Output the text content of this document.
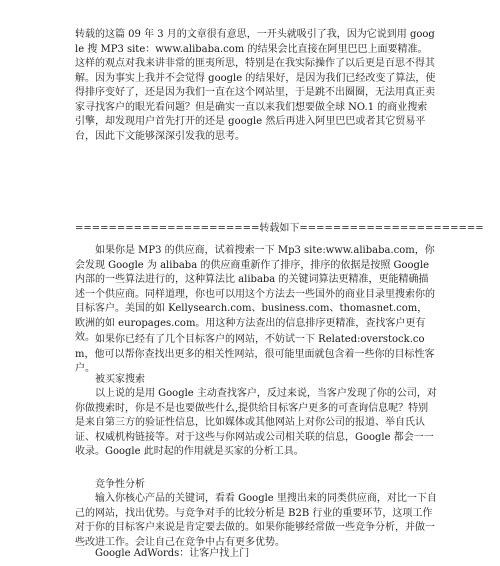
转载的这篇 09 年 3 月的文章很有意思，一开头就吸引了我，因为它说到用 google 搜 MP3 site：www.alibaba.com 的结果会比直接在阿里巴巴上面要精准。这样的观点对我来讲非常的匪夷所思，特别是在我实际操作了以后更是百思不得其解。因为事实上我并不会觉得 google 的结果好，是因为我们已经改变了算法，使得排序变好了，还是因为我们一直在这个网站里，于是跳不出圈圈，无法用真正卖家寻找客户的眼光看问题？但是确实一直以来我们想要做全球 NO.1 的商业搜索引擎，却发现用户首先打开的还是 google 然后再进入阿里巴巴或者其它贸易平台，因此下文能够深深引发我的思考。

======================转载如下======================

如果你是 MP3 的供应商，试着搜索一下 Mp3 site:www.alibaba.com，你会发现 Google 为 alibaba 的供应商重新作了排序，排序的依据是按照 Google 内部的一些算法进行的，这种算法比 alibaba 的关键词算法更精准，更能精确描述一个供应商。同样道理，你也可以用这个方法去一些国外的商业目录里搜索你的目标客户。美国的如 Kellysearch.com、business.com、thomasnet.com，欧洲的如 europages.com。用这种方法查出的信息排序更精准，查找客户更有效。 如果你已经有了几个目标客户的网站，不妨试一下 Related:overstock.com，他可以帮你查找出更多的相关性网站，很可能里面就包含着一些你的目标性客户。

被买家搜索

以上说的是用 Google 主动查找客户，反过来说，当客户发现了你的公司，对你做搜索时，你是不是也要做些什么,提供给目标客户更多的可查询信息呢？特别是来自第三方的验证性信息，比如媒体或其他网站上对你公司的报道、举自氏认证、权威机构链接等。对于这些与你网站或公司相关联的信息，Google 都会一一收录。Google 此时起的作用就是买家的分析工具。

竞争性分析

输入你核心产品的关键词，看看 Google 里搜出来的同类供应商，对比一下自己的网站，找出优势。与竞争对手的比较分析是 B2B 行业的重要环节，这项工作对于你的目标客户来说是肯定要去做的。如果你能够经常做一些竞争分析，并做一些改进工作。会让自己在竞争中占有更多优势。

Google AdWords：让客户找上门
